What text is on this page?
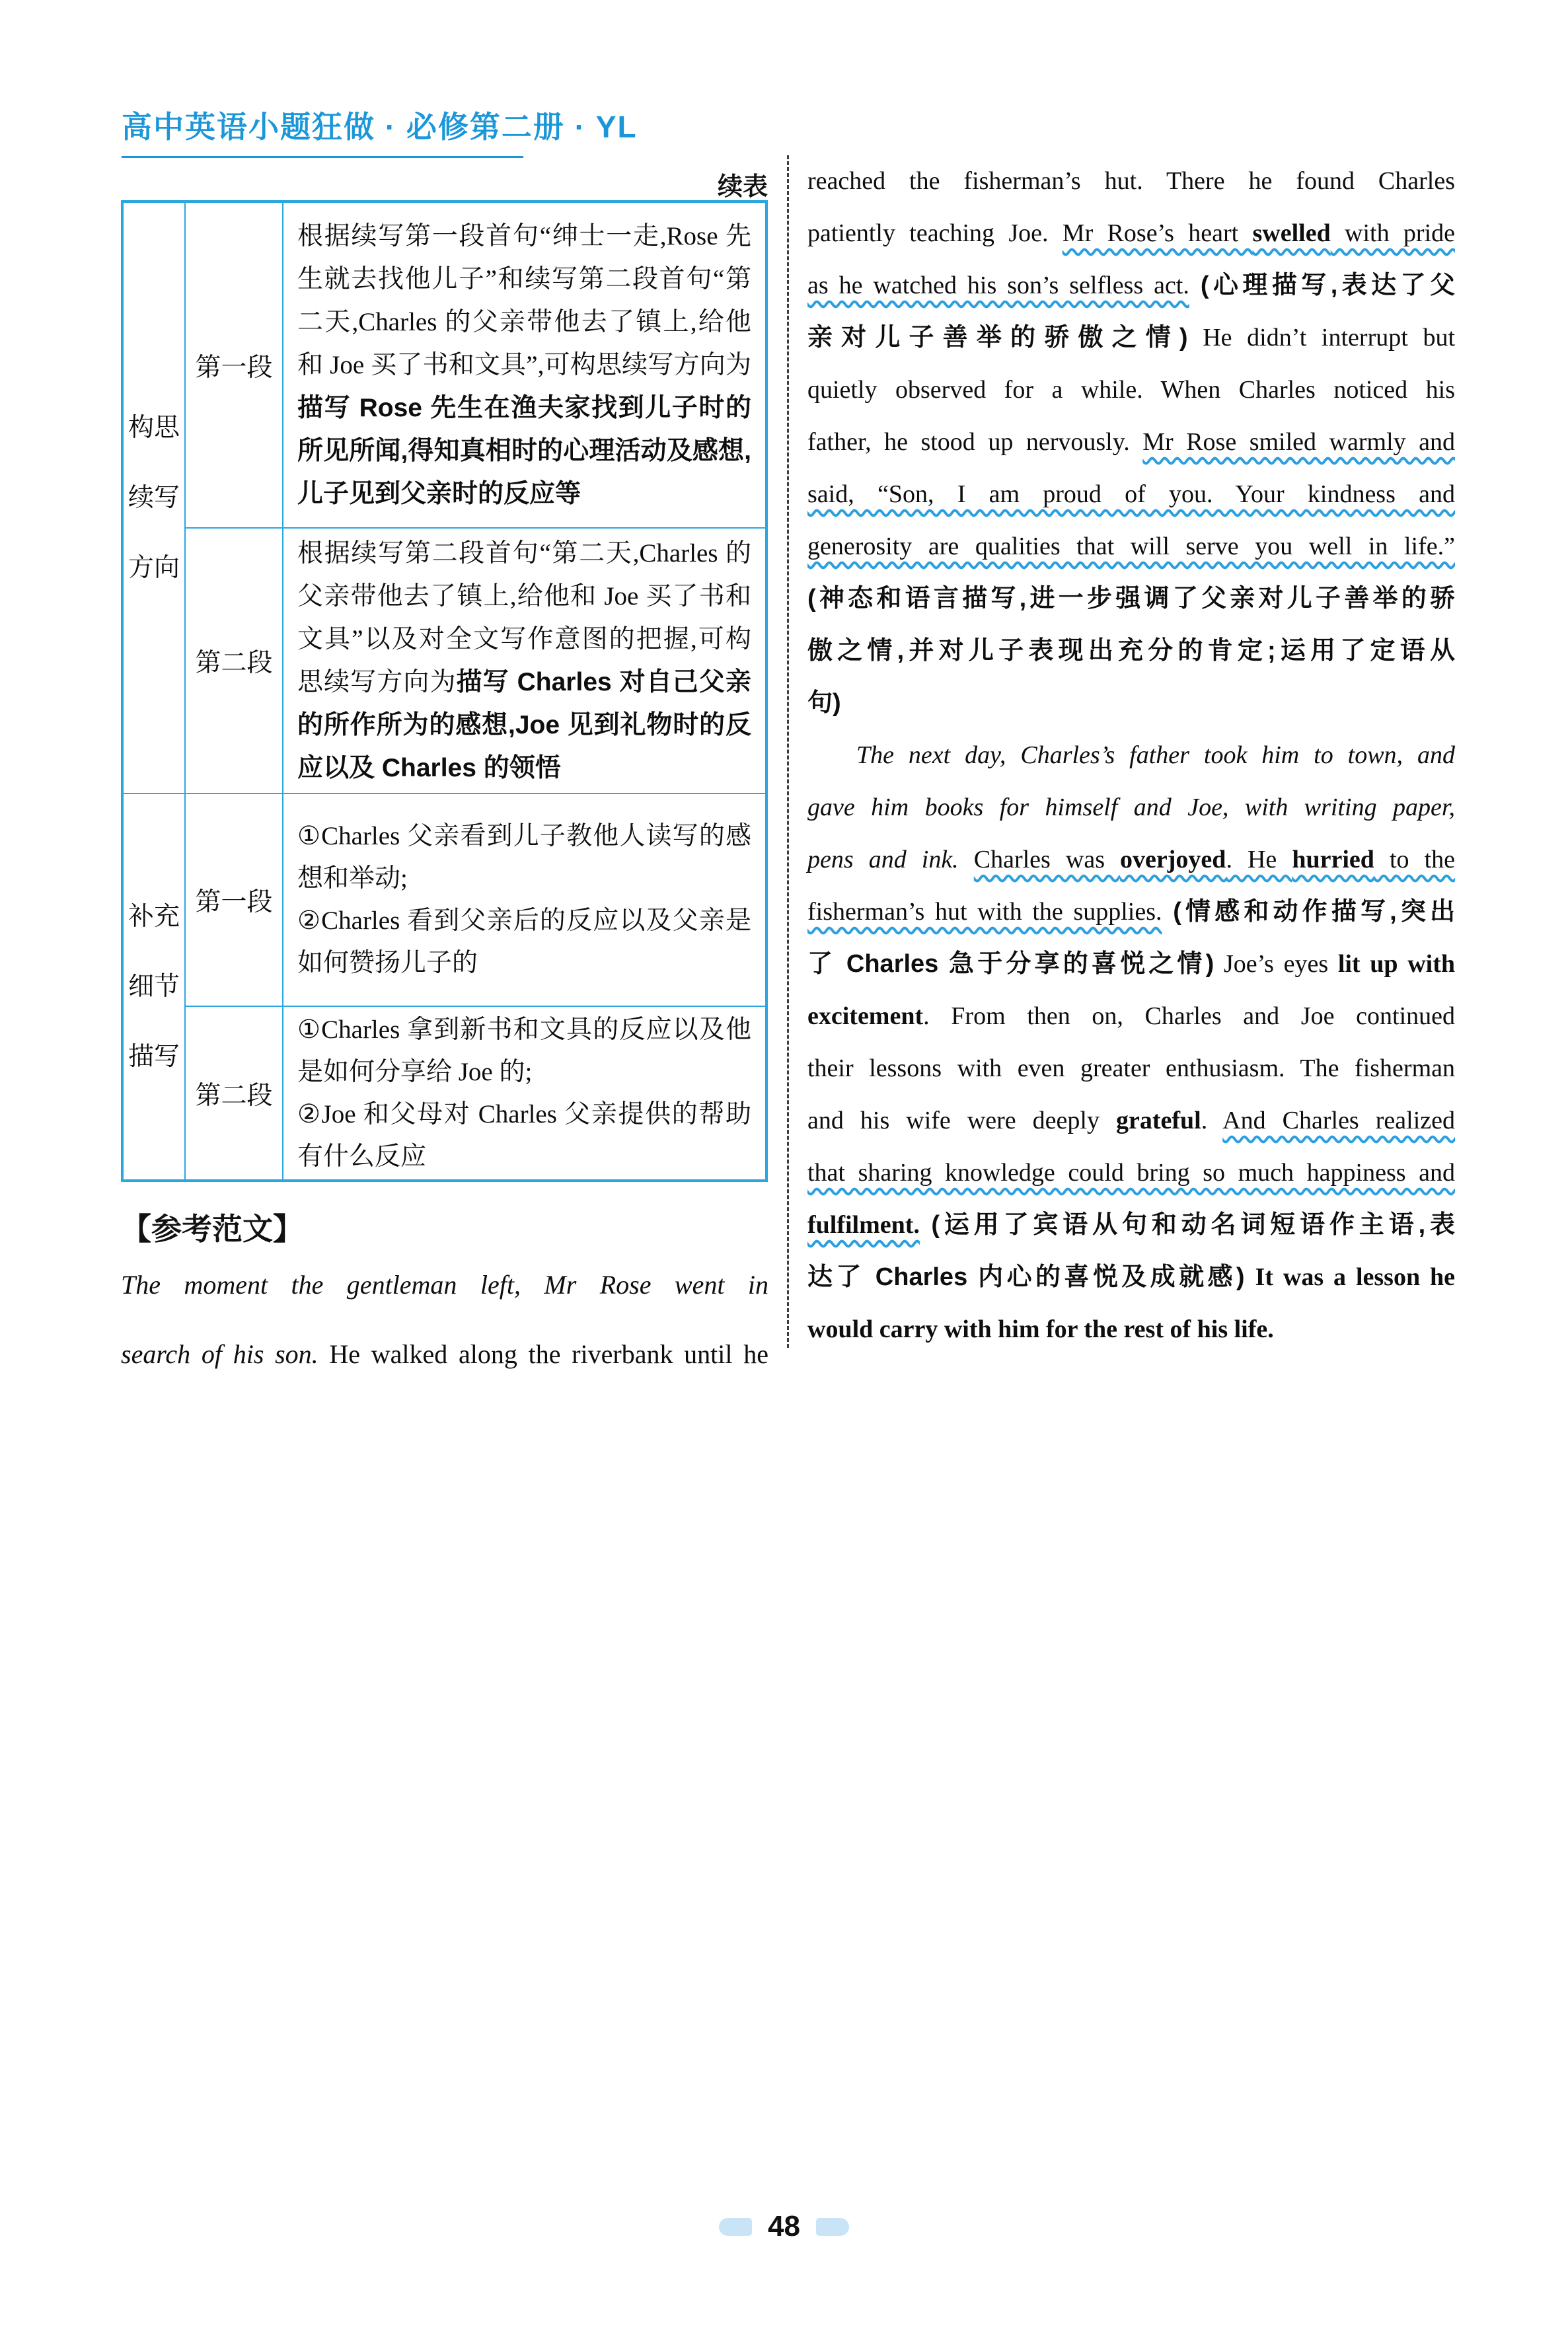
高中英语小题狂做 · 必修第二册 · YL
续表
构思
续写
方向
第一段
根据续写第一段首句“绅士一走,Rose 先生就去找他儿子”和续写第二段首句“第二天,Charles 的父亲带他去了镇上,给他和 Joe 买了书和文具”,可构思续写方向为描写 Rose 先生在渔夫家找到儿子时的所见所闻,得知真相时的心理活动及感想,儿子见到父亲时的反应等
第二段
根据续写第二段首句“第二天,Charles 的父亲带他去了镇上,给他和 Joe 买了书和文具”以及对全文写作意图的把握,可构思续写方向为描写 Charles 对自己父亲的所作所为的感想,Joe 见到礼物时的反应以及 Charles 的领悟
补充
细节
描写
第一段
①Charles 父亲看到儿子教他人读写的感想和举动;
②Charles 看到父亲后的反应以及父亲是如何赞扬儿子的
第二段
①Charles 拿到新书和文具的反应以及他是如何分享给 Joe 的;
②Joe 和父母对 Charles 父亲提供的帮助有什么反应
【参考范文】
The moment the gentleman left, Mr Rose went in
search of his son. He walked along the riverbank until he
reached the fisherman’s hut. There he found Charles
patiently teaching Joe. Mr Rose’s heart swelled with pride
as he watched his son’s selfless act. (心理描写,表达了父
亲对儿子善举的骄傲之情) He didn’t interrupt but
quietly observed for a while. When Charles noticed his
father, he stood up nervously. Mr Rose smiled warmly and
said, “Son, I am proud of you. Your kindness and
generosity are qualities that will serve you well in life.”
(神态和语言描写,进一步强调了父亲对儿子善举的骄
傲之情,并对儿子表现出充分的肯定;运用了定语从
句)
The next day, Charles’s father took him to town, and
gave him books for himself and Joe, with writing paper,
pens and ink. Charles was overjoyed. He hurried to the
fisherman’s hut with the supplies. (情感和动作描写,突出
了 Charles 急于分享的喜悦之情) Joe’s eyes lit up with
excitement. From then on, Charles and Joe continued
their lessons with even greater enthusiasm. The fisherman
and his wife were deeply grateful. And Charles realized
that sharing knowledge could bring so much happiness and
fulfilment. (运用了宾语从句和动名词短语作主语,表
达了 Charles 内心的喜悦及成就感) It was a lesson he
would carry with him for the rest of his life.
48
